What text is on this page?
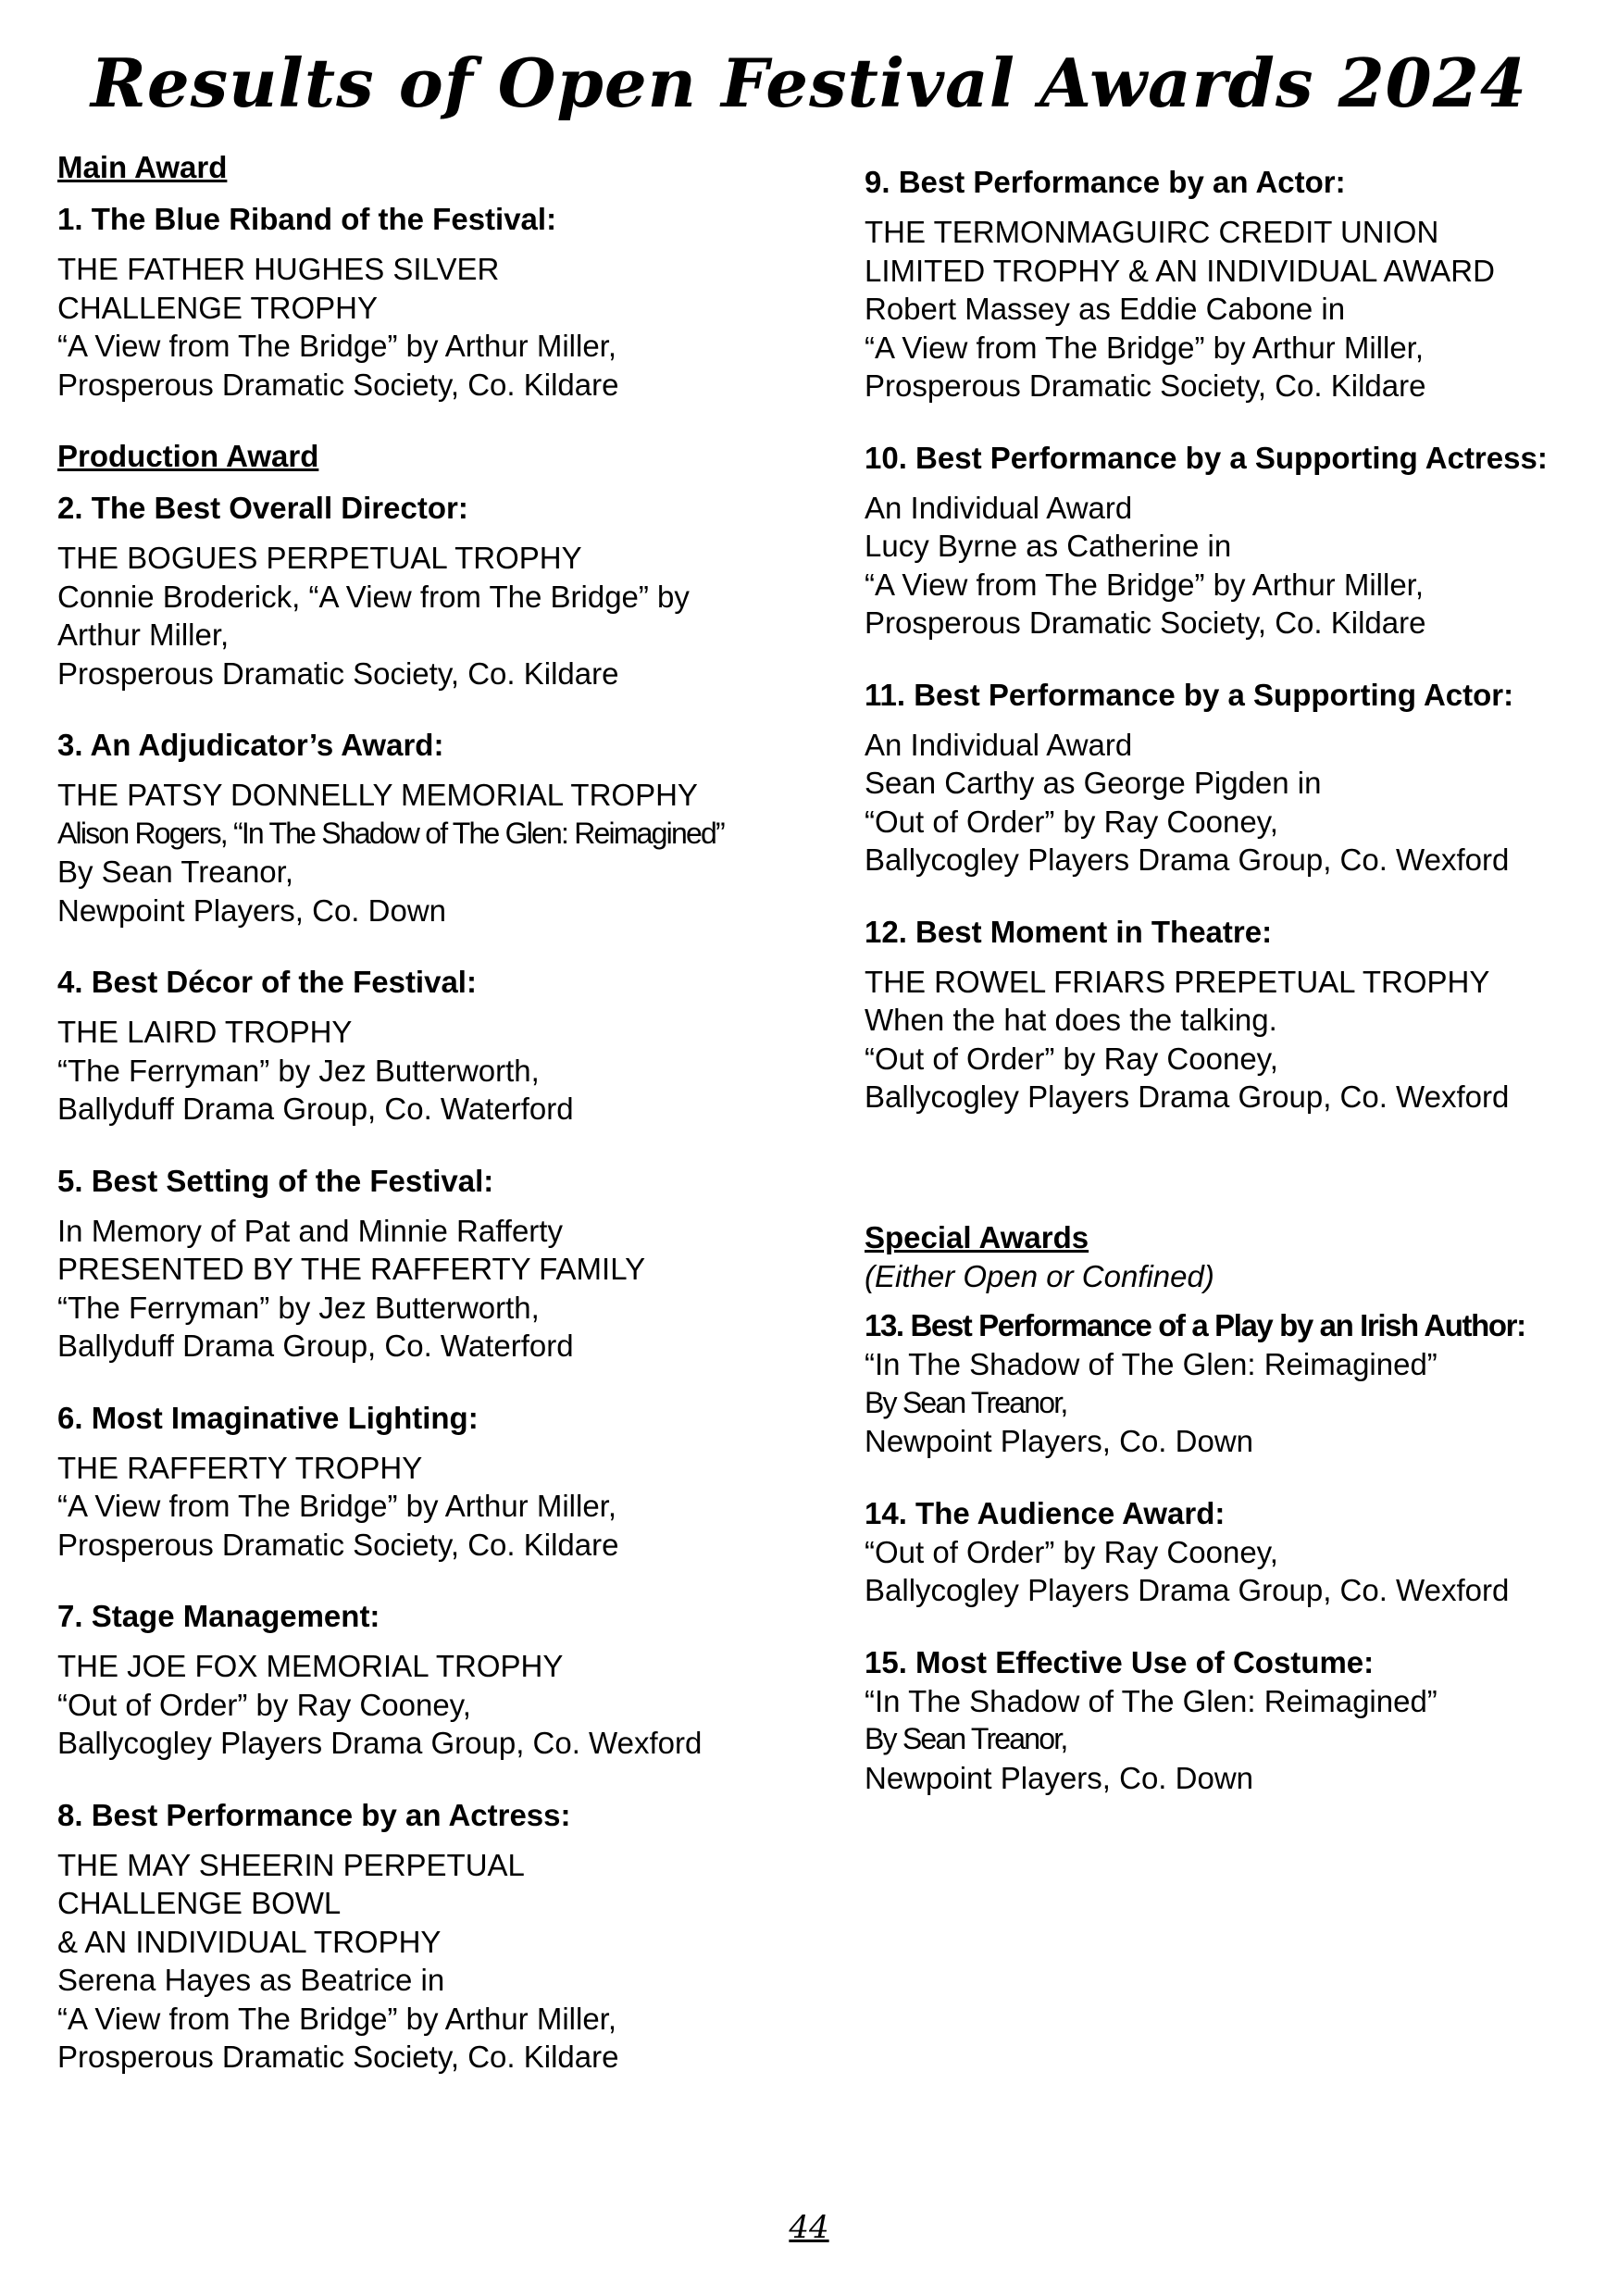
Results of Open Festival Awards 2024

Main Award

1. The Blue Riband of the Festival:

THE FATHER HUGHES SILVER

CHALLENGE TROPHY

“A View from The Bridge” by Arthur Miller,

Prosperous Dramatic Society, Co. Kildare

Production Award

2. The Best Overall Director:

THE BOGUES PERPETUAL TROPHY

Connie Broderick, “A View from The Bridge” by

Arthur Miller,

Prosperous Dramatic Society, Co. Kildare

3. An Adjudicator’s Award:

THE PATSY DONNELLY MEMORIAL TROPHY

Alison Rogers, “In The Shadow of The Glen: Reimagined”

By Sean Treanor,

Newpoint Players, Co. Down

4. Best Décor of the Festival:

THE LAIRD TROPHY

“The Ferryman” by Jez Butterworth,

Ballyduff Drama Group, Co. Waterford

5. Best Setting of the Festival:

In Memory of Pat and Minnie Rafferty

PRESENTED BY THE RAFFERTY FAMILY

“The Ferryman” by Jez Butterworth,

Ballyduff Drama Group, Co. Waterford

6. Most Imaginative Lighting:

THE RAFFERTY TROPHY

“A View from The Bridge” by Arthur Miller,

Prosperous Dramatic Society, Co. Kildare

7. Stage Management:

THE JOE FOX MEMORIAL TROPHY

“Out of Order” by Ray Cooney,

Ballycogley Players Drama Group, Co. Wexford

8. Best Performance by an Actress:

THE MAY SHEERIN PERPETUAL

CHALLENGE BOWL

& AN INDIVIDUAL TROPHY

Serena Hayes as Beatrice in

“A View from The Bridge” by Arthur Miller,

Prosperous Dramatic Society, Co. Kildare

9. Best Performance by an Actor:

THE TERMONMAGUIRC CREDIT UNION

LIMITED TROPHY & AN INDIVIDUAL AWARD

Robert Massey as Eddie Cabone in

“A View from The Bridge” by Arthur Miller,

Prosperous Dramatic Society, Co. Kildare

10. Best Performance by a Supporting Actress:

An Individual Award

Lucy Byrne as Catherine in

“A View from The Bridge” by Arthur Miller,

Prosperous Dramatic Society, Co. Kildare

11. Best Performance by a Supporting Actor:

An Individual Award

Sean Carthy as George Pigden in

“Out of Order” by Ray Cooney,

Ballycogley Players Drama Group, Co. Wexford

12. Best Moment in Theatre:

THE ROWEL FRIARS PREPETUAL TROPHY

When the hat does the talking.

“Out of Order” by Ray Cooney,

Ballycogley Players Drama Group, Co. Wexford

Special Awards

(Either Open or Confined)

13. Best Performance of a Play by an Irish Author:

“In The Shadow of The Glen: Reimagined”

By Sean Treanor,

Newpoint Players, Co. Down

14. The Audience Award:

“Out of Order” by Ray Cooney,

Ballycogley Players Drama Group, Co. Wexford

15. Most Effective Use of Costume:

“In The Shadow of The Glen: Reimagined”

By Sean Treanor,

Newpoint Players, Co. Down

44
